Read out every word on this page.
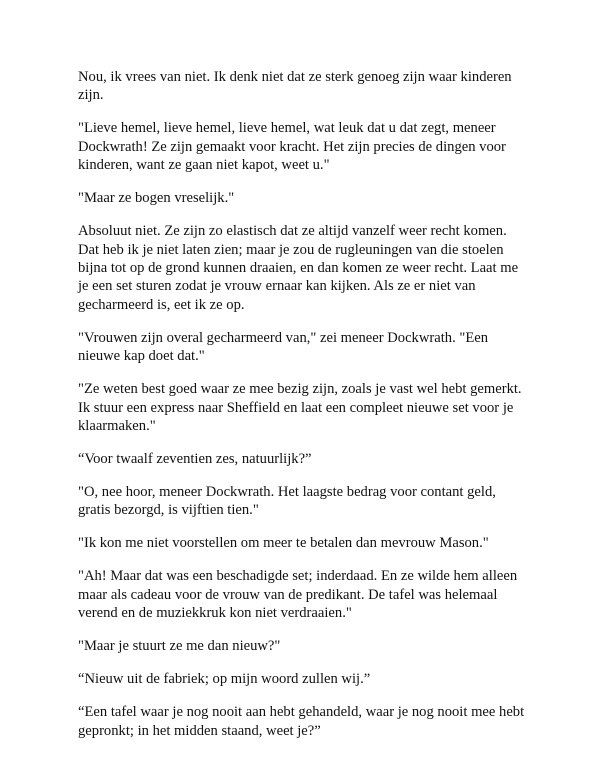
Nou, ik vrees van niet. Ik denk niet dat ze sterk genoeg zijn waar kinderen zijn.

"Lieve hemel, lieve hemel, lieve hemel, wat leuk dat u dat zegt, meneer Dockwrath! Ze zijn gemaakt voor kracht. Het zijn precies de dingen voor kinderen, want ze gaan niet kapot, weet u."

"Maar ze bogen vreselijk."

Absoluut niet. Ze zijn zo elastisch dat ze altijd vanzelf weer recht komen. Dat heb ik je niet laten zien; maar je zou de rugleuningen van die stoelen bijna tot op de grond kunnen draaien, en dan komen ze weer recht. Laat me je een set sturen zodat je vrouw ernaar kan kijken. Als ze er niet van gecharmeerd is, eet ik ze op.

"Vrouwen zijn overal gecharmeerd van," zei meneer Dockwrath. "Een nieuwe kap doet dat."

"Ze weten best goed waar ze mee bezig zijn, zoals je vast wel hebt gemerkt. Ik stuur een express naar Sheffield en laat een compleet nieuwe set voor je klaarmaken."

“Voor twaalf zeventien zes, natuurlijk?”

"O, nee hoor, meneer Dockwrath. Het laagste bedrag voor contant geld, gratis bezorgd, is vijftien tien."

"Ik kon me niet voorstellen om meer te betalen dan mevrouw Mason."

"Ah! Maar dat was een beschadigde set; inderdaad. En ze wilde hem alleen maar als cadeau voor de vrouw van de predikant. De tafel was helemaal verend en de muziekkruk kon niet verdraaien."

"Maar je stuurt ze me dan nieuw?"

“Nieuw uit de fabriek; op mijn woord zullen wij.”

“Een tafel waar je nog nooit aan hebt gehandeld, waar je nog nooit mee hebt gepronkt; in het midden staand, weet je?”
